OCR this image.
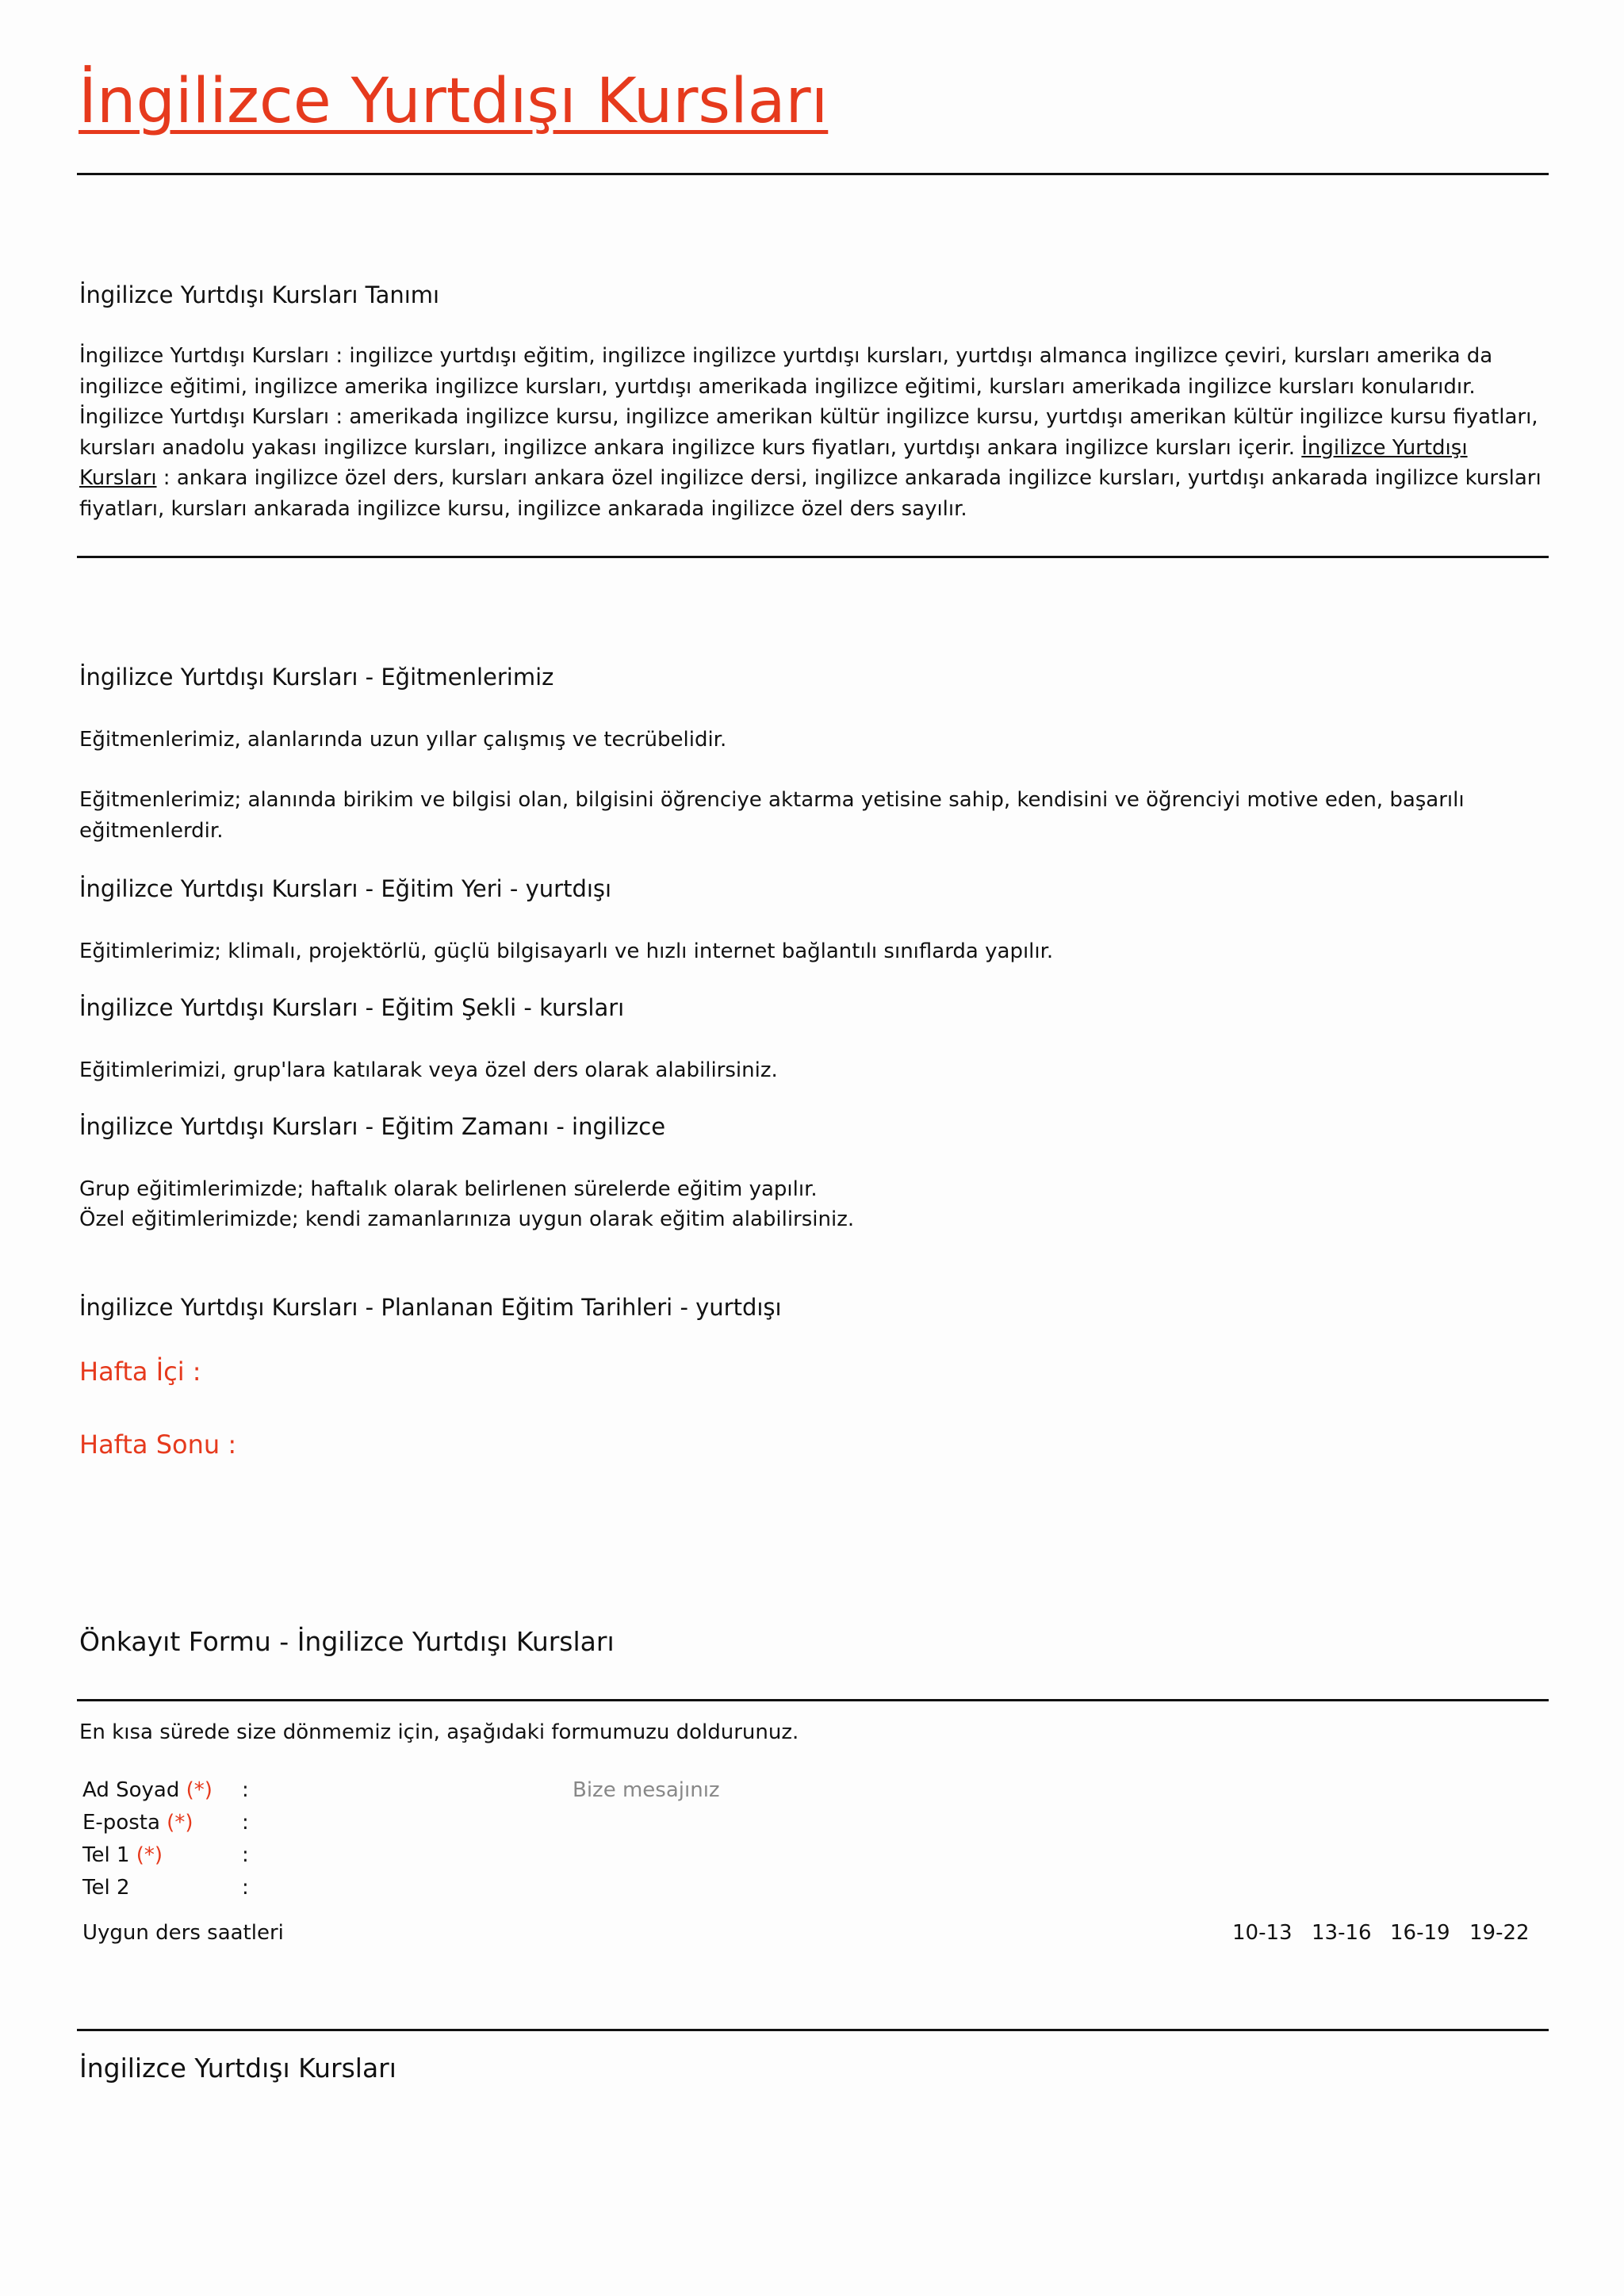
İngilizce Yurtdışı Kursları
İngilizce Yurtdışı Kursları Tanımı

İngilizce Yurtdışı Kursları : ingilizce yurtdışı eğitim, ingilizce ingilizce yurtdışı kursları, yurtdışı almanca ingilizce çeviri, kursları amerika da ingilizce eğitimi, ingilizce amerika ingilizce kursları, yurtdışı amerikada ingilizce eğitimi, kursları amerikada ingilizce kursları konularıdır. İngilizce Yurtdışı Kursları : amerikada ingilizce kursu, ingilizce amerikan kültür ingilizce kursu, yurtdışı amerikan kültür ingilizce kursu fiyatları, kursları anadolu yakası ingilizce kursları, ingilizce ankara ingilizce kurs fiyatları, yurtdışı ankara ingilizce kursları içerir. İngilizce Yurtdışı Kursları : ankara ingilizce özel ders, kursları ankara özel ingilizce dersi, ingilizce ankarada ingilizce kursları, yurtdışı ankarada ingilizce kursları fiyatları, kursları ankarada ingilizce kursu, ingilizce ankarada ingilizce özel ders sayılır.

İngilizce Yurtdışı Kursları - Eğitmenlerimiz

Eğitmenlerimiz, alanlarında uzun yıllar çalışmış ve tecrübelidir.

Eğitmenlerimiz; alanında birikim ve bilgisi olan, bilgisini öğrenciye aktarma yetisine sahip, kendisini ve öğrenciyi motive eden, başarılı eğitmenlerdir.

İngilizce Yurtdışı Kursları - Eğitim Yeri - yurtdışı

Eğitimlerimiz; klimalı, projektörlü, güçlü bilgisayarlı ve hızlı internet bağlantılı sınıflarda yapılır.

İngilizce Yurtdışı Kursları - Eğitim Şekli - kursları

Eğitimlerimizi, grup'lara katılarak veya özel ders olarak alabilirsiniz.

İngilizce Yurtdışı Kursları - Eğitim Zamanı - ingilizce

Grup eğitimlerimizde; haftalık olarak belirlenen sürelerde eğitim yapılır.

Özel eğitimlerimizde; kendi zamanlarınıza uygun olarak eğitim alabilirsiniz.

İngilizce Yurtdışı Kursları - Planlanan Eğitim Tarihleri - yurtdışı
Hafta İçi :
Hafta Sonu :
Önkayıt Formu - İngilizce Yurtdışı Kursları
En kısa sürede size dönmemiz için, aşağıdaki formumuzu doldurunuz.
Ad Soyad (*) :
E-posta (*) :
Tel 1 (*)	:
Tel 2	:
Bize mesajınız
Uygun ders saatleri	10-13 13-16 16-19 19-22
İngilizce Yurtdışı Kursları
